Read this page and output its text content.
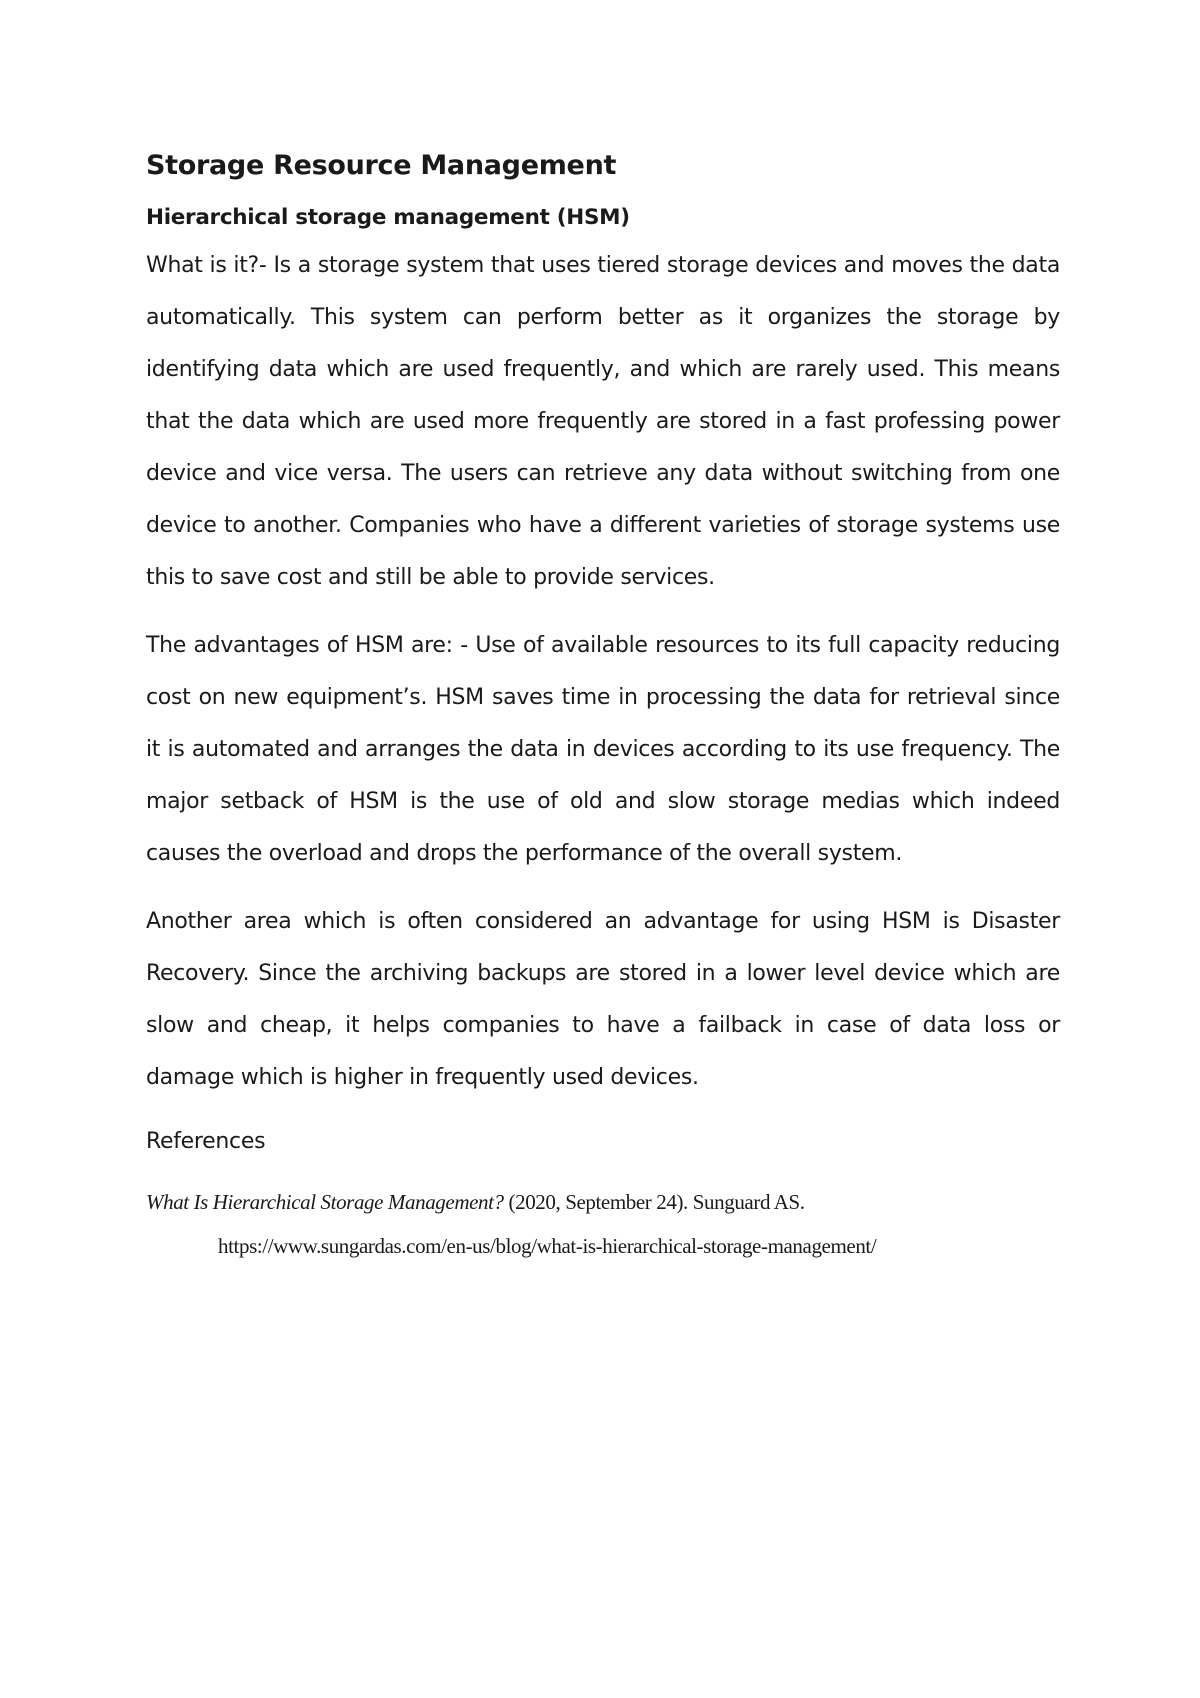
Storage Resource Management
Hierarchical storage management (HSM)

What is it?- Is a storage system that uses tiered storage devices and moves the data automatically. This system can perform better as it organizes the storage by identifying data which are used frequently, and which are rarely used. This means that the data which are used more frequently are stored in a fast professing power device and vice versa. The users can retrieve any data without switching from one device to another. Companies who have a different varieties of storage systems use this to save cost and still be able to provide services.

The advantages of HSM are: - Use of available resources to its full capacity reducing cost on new equipment’s. HSM saves time in processing the data for retrieval since it is automated and arranges the data in devices according to its use frequency. The major setback of HSM is the use of old and slow storage medias which indeed causes the overload and drops the performance of the overall system.

Another area which is often considered an advantage for using HSM is Disaster Recovery. Since the archiving backups are stored in a lower level device which are slow and cheap, it helps companies to have a failback in case of data loss or damage which is higher in frequently used devices.

References

What Is Hierarchical Storage Management? (2020, September 24). Sunguard AS.

https://www.sungardas.com/en-us/blog/what-is-hierarchical-storage-management/
